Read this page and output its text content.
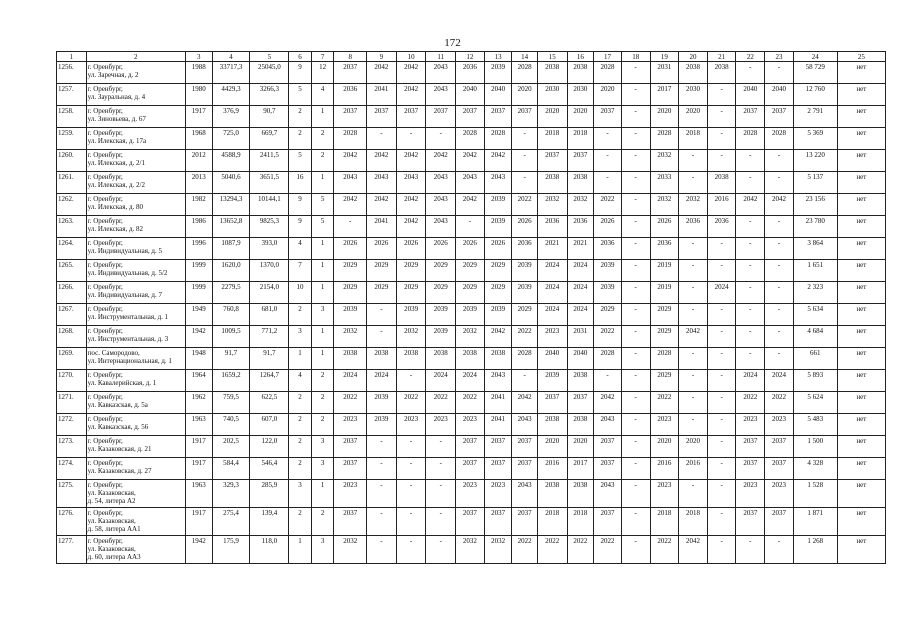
172
1	2	3	4	5	6	7	8	9	10	11	12	13	14	15	16	17	18	19	20	21	22	23	24	25
1256.	г. Оренбург,
ул. Заречная, д. 2	1988	33717,3	25045,0	9	12	2037	2042	2042	2043	2036	2039	2028	2038	2038	2028	-	2031	2038	2038	-	-	58 729	нет
1257.	г. Оренбург,
ул. Зауральная, д. 4	1980	4429,3	3266,3	5	4	2036	2041	2042	2043	2040	2040	2020	2030	2030	2020	-	2017	2030	-	2040	2040	12 760	нет
1258.	г. Оренбург,
ул. Зиновьева, д. 67	1917	376,9	90,7	2	1	2037	2037	2037	2037	2037	2037	2037	2020	2020	2037	-	2020	2020	-	2037	2037	2 791	нет
1259.	г. Оренбург,
ул. Илекская, д. 17а	1968	725,0	669,7	2	2	2028	-	-	-	2028	2028	-	2018	2018	-	-	2028	2018	-	2028	2028	5 369	нет
1260.	г. Оренбург,
ул. Илекская, д. 2/1	2012	4588,9	2411,5	5	2	2042	2042	2042	2042	2042	2042	-	2037	2037	-	-	2032	-	-	-	-	13 220	нет
1261.	г. Оренбург,
ул. Илекская, д. 2/2	2013	5040,6	3651,5	16	1	2043	2043	2043	2043	2043	2043	-	2038	2038	-	-	2033	-	2038	-	-	5 137	нет
1262.	г. Оренбург,
ул. Илекская, д. 80	1982	13294,3	10144,1	9	5	2042	2042	2042	2043	2042	2039	2022	2032	2032	2022	-	2032	2032	2016	2042	2042	23 156	нет
1263.	г. Оренбург,
ул. Илекская, д. 82	1986	13652,8	9825,3	9	5	-	2041	2042	2043	-	2039	2026	2036	2036	2026	-	2026	2036	2036	-	-	23 780	нет
1264.	г. Оренбург,
ул. Индивидуальная, д. 5	1996	1087,9	393,0	4	1	2026	2026	2026	2026	2026	2026	2036	2021	2021	2036	-	2036	-	-	-	-	3 864	нет
1265.	г. Оренбург,
ул. Индивидуальная, д. 5/2	1999	1620,0	1370,0	7	1	2029	2029	2029	2029	2029	2029	2039	2024	2024	2039	-	2019	-	-	-	-	1 651	нет
1266.	г. Оренбург,
ул. Индивидуальная, д. 7	1999	2279,5	2154,0	10	1	2029	2029	2029	2029	2029	2029	2039	2024	2024	2039	-	2019	-	2024	-	-	2 323	нет
1267.	г. Оренбург,
ул. Инструментальная, д. 1	1949	760,8	681,0	2	3	2039	-	2039	2039	2039	2039	2029	2024	2024	2029	-	2029	-	-	-	-	5 634	нет
1268.	г. Оренбург,
ул. Инструментальная, д. 3	1942	1009,5	771,2	3	1	2032	-	2032	2039	2032	2042	2022	2023	2031	2022	-	2029	2042	-	-	-	4 684	нет
1269.	пос. Самородово,
ул. Интернациональная, д. 1	1948	91,7	91,7	1	1	2038	2038	2038	2038	2038	2038	2028	2040	2040	2028	-	2028	-	-	-	-	661	нет
1270.	г. Оренбург,
ул. Кавалерийская, д. 1	1964	1659,2	1264,7	4	2	2024	2024	-	2024	2024	2043	-	2039	2038	-	-	2029	-	-	2024	2024	5 893	нет
1271.	г. Оренбург,
ул. Кавказская, д. 5а	1962	759,5	622,5	2	2	2022	2039	2022	2022	2022	2041	2042	2037	2037	2042	-	2022	-	-	2022	2022	5 624	нет
1272.	г. Оренбург,
ул. Кавказская, д. 56	1963	740,5	607,0	2	2	2023	2039	2023	2023	2023	2041	2043	2038	2038	2043	-	2023	-	-	2023	2023	5 483	нет
1273.	г. Оренбург,
ул. Казаковская, д. 21	1917	202,5	122,0	2	3	2037	-	-	-	2037	2037	2037	2020	2020	2037	-	2020	2020	-	2037	2037	1 500	нет
1274.	г. Оренбург,
ул. Казаковская, д. 27	1917	584,4	546,4	2	3	2037	-	-	-	2037	2037	2037	2016	2017	2037	-	2016	2016	-	2037	2037	4 328	нет
1275.	г. Оренбург,
ул. Казаковская,
д. 54, литера А2	1963	329,3	285,9	3	1	2023	-	-	-	2023	2023	2043	2038	2038	2043	-	2023	-	-	2023	2023	1 528	нет
1276.	г. Оренбург,
ул. Казаковская,
д. 58, литера АА1	1917	275,4	139,4	2	2	2037	-	-	-	2037	2037	2037	2018	2018	2037	-	2018	2018	-	2037	2037	1 871	нет
1277.	г. Оренбург,
ул. Казаковская,
д. 60, литера АА3	1942	175,9	118,0	1	3	2032	-	-	-	2032	2032	2022	2022	2022	2022	-	2022	2042	-	-	-	1 268	нет
